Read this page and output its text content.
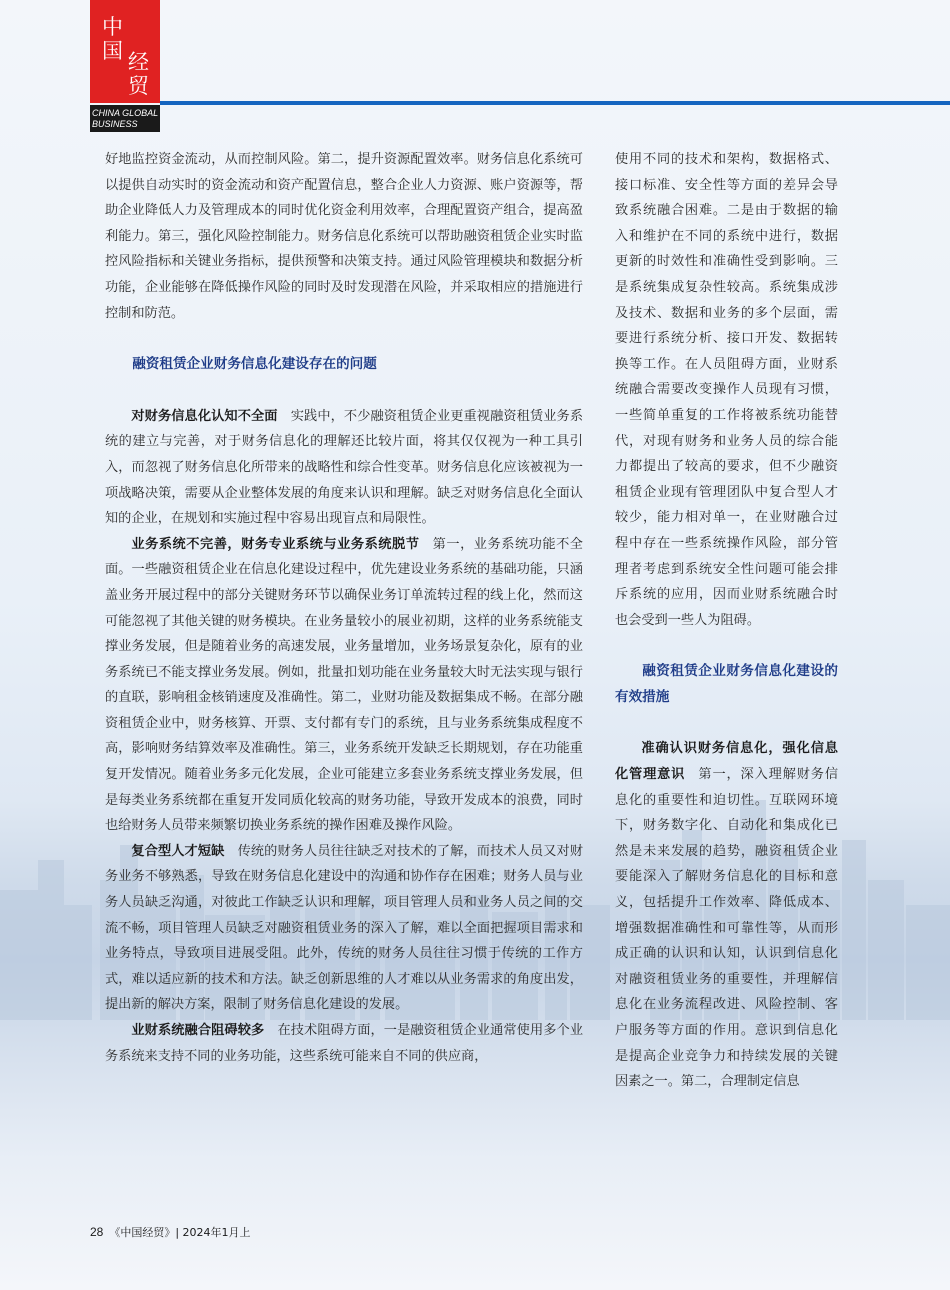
中
国 经
贸
CHINA GLOBAL BUSINESS

好地监控资金流动，从而控制风险。第二，提升资源配置效率。财务信息化系统可以提供自动实时的资金流动和资产配置信息，整合企业人力资源、账户资源等，帮助企业降低人力及管理成本的同时优化资金利用效率，合理配置资产组合，提高盈利能力。第三，强化风险控制能力。财务信息化系统可以帮助融资租赁企业实时监控风险指标和关键业务指标，提供预警和决策支持。通过风险管理模块和数据分析功能，企业能够在降低操作风险的同时及时发现潜在风险，并采取相应的措施进行控制和防范。

融资租赁企业财务信息化建设存在的问题

对财务信息化认知不全面 实践中，不少融资租赁企业更重视融资租赁业务系统的建立与完善，对于财务信息化的理解还比较片面，将其仅仅视为一种工具引入，而忽视了财务信息化所带来的战略性和综合性变革。财务信息化应该被视为一项战略决策，需要从企业整体发展的角度来认识和理解。缺乏对财务信息化全面认知的企业，在规划和实施过程中容易出现盲点和局限性。

业务系统不完善，财务专业系统与业务系统脱节 第一，业务系统功能不全面。一些融资租赁企业在信息化建设过程中，优先建设业务系统的基础功能，只涵盖业务开展过程中的部分关键财务环节以确保业务订单流转过程的线上化，然而这可能忽视了其他关键的财务模块。在业务量较小的展业初期，这样的业务系统能支撑业务发展，但是随着业务的高速发展，业务量增加，业务场景复杂化，原有的业务系统已不能支撑业务发展。例如，批量扣划功能在业务量较大时无法实现与银行的直联，影响租金核销速度及准确性。第二，业财功能及数据集成不畅。在部分融资租赁企业中，财务核算、开票、支付都有专门的系统，且与业务系统集成程度不高，影响财务结算效率及准确性。第三，业务系统开发缺乏长期规划，存在功能重复开发情况。随着业务多元化发展，企业可能建立多套业务系统支撑业务发展，但是每类业务系统都在重复开发同质化较高的财务功能，导致开发成本的浪费，同时也给财务人员带来频繁切换业务系统的操作困难及操作风险。

复合型人才短缺 传统的财务人员往往缺乏对技术的了解，而技术人员又对财务业务不够熟悉，导致在财务信息化建设中的沟通和协作存在困难；财务人员与业务人员缺乏沟通，对彼此工作缺乏认识和理解，项目管理人员和业务人员之间的交流不畅，项目管理人员缺乏对融资租赁业务的深入了解，难以全面把握项目需求和业务特点，导致项目进展受阻。此外，传统的财务人员往往习惯于传统的工作方式，难以适应新的技术和方法。缺乏创新思维的人才难以从业务需求的角度出发，提出新的解决方案，限制了财务信息化建设的发展。

业财系统融合阻碍较多 在技术阻碍方面，一是融资租赁企业通常使用多个业务系统来支持不同的业务功能，这些系统可能来自不同的供应商，

使用不同的技术和架构，数据格式、接口标准、安全性等方面的差异会导致系统融合困难。二是由于数据的输入和维护在不同的系统中进行，数据更新的时效性和准确性受到影响。三是系统集成复杂性较高。系统集成涉及技术、数据和业务的多个层面，需要进行系统分析、接口开发、数据转换等工作。在人员阻碍方面，业财系统融合需要改变操作人员现有习惯，一些简单重复的工作将被系统功能替代，对现有财务和业务人员的综合能力都提出了较高的要求，但不少融资租赁企业现有管理团队中复合型人才较少，能力相对单一，在业财融合过程中存在一些系统操作风险，部分管理者考虑到系统安全性问题可能会排斥系统的应用，因而业财系统融合时也会受到一些人为阻碍。

融资租赁企业财务信息化建设的有效措施

准确认识财务信息化，强化信息化管理意识 第一，深入理解财务信息化的重要性和迫切性。互联网环境下，财务数字化、自动化和集成化已然是未来发展的趋势，融资租赁企业要能深入了解财务信息化的目标和意义，包括提升工作效率、降低成本、增强数据准确性和可靠性等，从而形成正确的认识和认知，认识到信息化对融资租赁业务的重要性，并理解信息化在业务流程改进、风险控制、客户服务等方面的作用。意识到信息化是提高企业竞争力和持续发展的关键因素之一。第二，合理制定信息

28 《中国经贸》| 2024年1月上
